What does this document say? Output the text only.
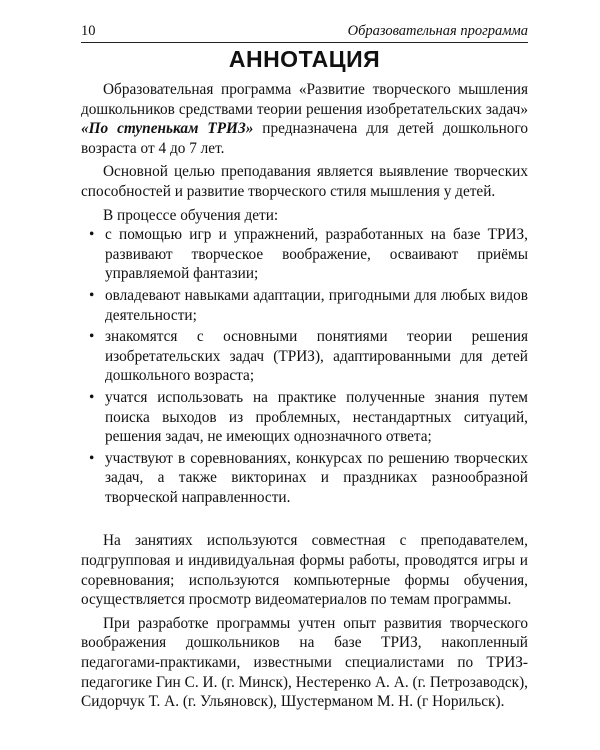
10	Образовательная программа
АННОТАЦИЯ

Образовательная программа «Развитие творческого мышления дошкольников средствами теории решения изобретательских задач» «По ступенькам ТРИЗ» предназначена для детей дошкольного возраста от 4 до 7 лет.

Основной целью преподавания является выявление творческих способностей и развитие творческого стиля мышления у детей.

В процессе обучения дети:

• с помощью игр и упражнений, разработанных на базе ТРИЗ, развивают творческое воображение, осваивают приёмы управляемой фантазии;
• овладевают навыками адаптации, пригодными для любых видов деятельности;
• знакомятся с основными понятиями теории решения изобретательских задач (ТРИЗ), адаптированными для детей дошкольного возраста;
• учатся использовать на практике полученные знания путем поиска выходов из проблемных, нестандартных ситуаций, решения задач, не имеющих однозначного ответа;
• участвуют в соревнованиях, конкурсах по решению творческих задач, а также викторинах и праздниках разнообразной творческой направленности.

На занятиях используются совместная с преподавателем, подгрупповая и индивидуальная формы работы, проводятся игры и соревнования; используются компьютерные формы обучения, осуществляется просмотр видеоматериалов по темам программы.

При разработке программы учтен опыт развития творческого воображения дошкольников на базе ТРИЗ, накопленный педагогами-практиками, известными специалистами по ТРИЗ-педагогике Гин С. И. (г. Минск), Нестеренко А. А. (г. Петрозаводск), Сидорчук Т. А. (г. Ульяновск), Шустерманом М. Н. (г Норильск).
